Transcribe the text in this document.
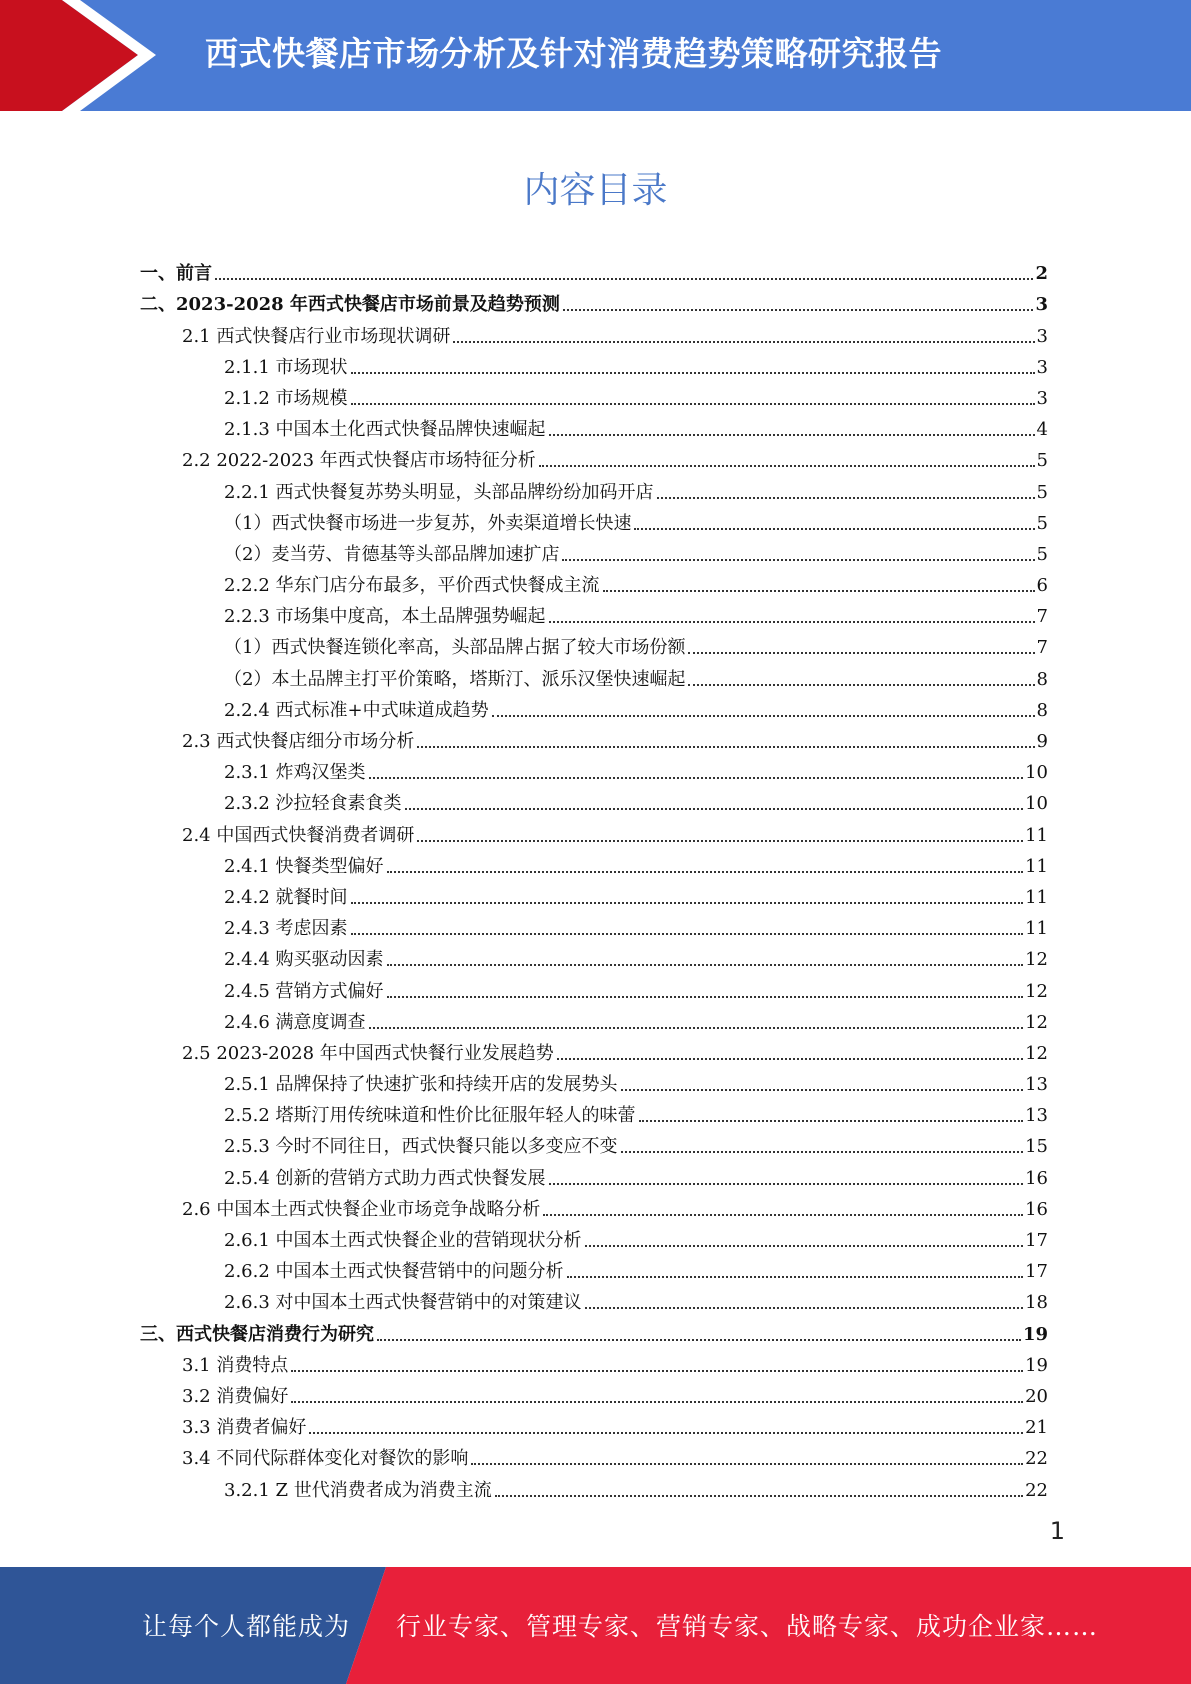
西式快餐店市场分析及针对消费趋势策略研究报告
内容目录
一、前言	2
二、2023-2028 年西式快餐店市场前景及趋势预测	3
2.1 西式快餐店行业市场现状调研	3
2.1.1 市场现状	3
2.1.2 市场规模	3
2.1.3 中国本土化西式快餐品牌快速崛起	4
2.2 2022-2023 年西式快餐店市场特征分析	5
2.2.1 西式快餐复苏势头明显，头部品牌纷纷加码开店	5
（1）西式快餐市场进一步复苏，外卖渠道增长快速	5
（2）麦当劳、肯德基等头部品牌加速扩店	5
2.2.2 华东门店分布最多，平价西式快餐成主流	6
2.2.3 市场集中度高，本土品牌强势崛起	7
（1）西式快餐连锁化率高，头部品牌占据了较大市场份额	7
（2）本土品牌主打平价策略，塔斯汀、派乐汉堡快速崛起	8
2.2.4 西式标准+中式味道成趋势	8
2.3 西式快餐店细分市场分析	9
2.3.1 炸鸡汉堡类	10
2.3.2 沙拉轻食素食类	10
2.4 中国西式快餐消费者调研	11
2.4.1 快餐类型偏好	11
2.4.2 就餐时间	11
2.4.3 考虑因素	11
2.4.4 购买驱动因素	12
2.4.5 营销方式偏好	12
2.4.6 满意度调查	12
2.5 2023-2028 年中国西式快餐行业发展趋势	12
2.5.1 品牌保持了快速扩张和持续开店的发展势头	13
2.5.2 塔斯汀用传统味道和性价比征服年轻人的味蕾	13
2.5.3 今时不同往日，西式快餐只能以多变应不变	15
2.5.4 创新的营销方式助力西式快餐发展	16
2.6 中国本土西式快餐企业市场竞争战略分析	16
2.6.1 中国本土西式快餐企业的营销现状分析	17
2.6.2 中国本土西式快餐营销中的问题分析	17
2.6.3 对中国本土西式快餐营销中的对策建议	18
三、西式快餐店消费行为研究	19
3.1 消费特点	19
3.2 消费偏好	20
3.3 消费者偏好	21
3.4 不同代际群体变化对餐饮的影响	22
3.2.1 Z 世代消费者成为消费主流	22
1
让每个人都能成为 行业专家、管理专家、营销专家、战略专家、成功企业家……
